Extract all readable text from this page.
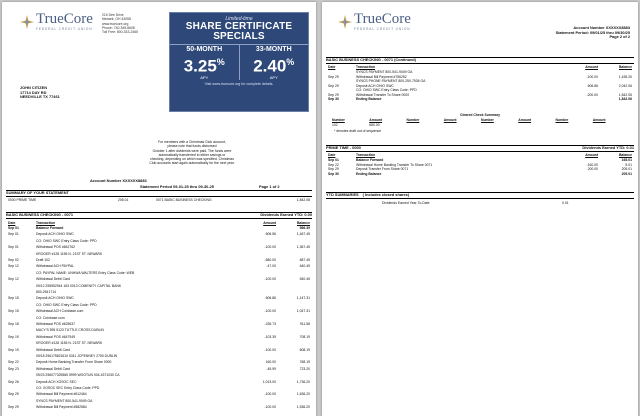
TrueCore
FEDERAL CREDIT UNION
215 Dee Drive
Newark, OH 43058
www.truecore.org
Phone: 740-345-6608
Toll Free: 800-333-2465
Limited-time
SHARE CERTIFICATE
SPECIALS
50-MONTH
3.25%
APY
33-MONTH
2.40%
APY
Visit www.truecore.org for complete details.
JOHN CITIZEN
17714 DAY RD
NEEDVILLE TX 77461
For members with a Christmas Club account,
please note that funds disbursed
October 1 after dividends were paid. The funds were
automatically transferred to either savings or
checking, depending on which was specified. Christmas
Club accounts start again automatically for the next year.
Account Number XXXXXX8883
Statement Period 09-01-25 thru 09-30-25	Page 1 of 2
SUMMARY OF YOUR STATEMENT
0000 PRIME TIME	205.01	0071 BASIC BUSINESS CHECKING	1,842.08
BASIC BUSINESS CHECKING - 0071	Dividends Earned YTD: 0.00
Date	Transaction	Amount	Balance
Sep 01	Balance Forward	566.39
Sep 01	Deposit ACH OHIO SWC	606.56	1,467.45
CO: OHIO SWC Entry Class Code: PPD
Sep 01	Withdrawal POS #842762	-100.00	1,367.45
KROGER #128 1155 N. 21ST ST. NEWARK
Sep 02	Draft 102	-680.00	687.45
Sep 12	Withdrawal ACH PAYPAL	-47.00	640.45
CO: PAYPAL NAME: UNHWA WALTERS Entry Class Code: WEB
Sep 12	Withdrawal Debit Card	-100.00	540.45
09/12 255552944 163 0013 COMENITY CAPITAL BANK
800-2541714
Sep 15	Deposit ACH OHIO SWC	606.86	1,147.31
CO: OHIO SWC Entry Class Code: PPD
Sep 15	Withdrawal ACH Coinbase.com	-100.00	1,047.31
CO: Coinbase.com
Sep 18	Withdrawal POS #625637	-235.73	911.58
MACY'S 595 5123 TUTTLE CROSS DUBLIN
Sep 19	Withdrawal POS #647949	-103.39	708.19
KROGER #128 1155 N. 21ST ST. NEWARK
Sep 19	Withdrawal Debit Card	-100.00	608.19
09/18 256175821610 5311 JCPENNEY 2750 DUBLIN
Sep 22	Deposit Home Banking Transfer From Share 0000	160.00	768.19
Sep 23	Withdrawal Debit Card	-45.99	723.20
09/23 256077325565 5999 WOOTUN 004-4371030 CA
Sep 26	Deposit ACH XOSOC SEC	1,013.00	1,736.20
CO: XOSOC SEC Entry Class Code: PPD
Sep 29	Withdrawal Bill Payment #612464	-100.00	1,636.20
SYNCS PAYMENT 800-541-9049 GA
Sep 29	Withdrawal Bill Payment #582584	-100.00	1,536.20
TrueCore
FEDERAL CREDIT UNION	Account Number XXXXXX8883
Statement Period: 09/01/25 thru 09/30/25
Page 2 of 2
BASIC BUSINESS CHECKING - 0071 (Continued)
Date	Transaction	Amount	Balance
SYNCS PAYMENT 800-541-9049 GA
Sep 29	Withdrawal Bill Payment #756252	-100.00	1,435.20
SYNCS PHONE PAYMENT 800-250-7536 GA
Sep 29	Deposit ACH OHIO SWC	606.86	2,042.06
CO: OHIO SWC Entry Class Code: PPD
Sep 29	Withdrawal Transfer To Share 0000	-200.00	1,842.06
Sep 30	Ending Balance	1,842.06
Cleared Check Summary
Number	Amount	Number	Amount	Number	Amount	Number	Amount
102	680.00
* denotes draft out of sequence
PRIME TIME - 0000	Dividends Earned YTD: 0.01
Date	Transaction	Amount	Balance
Sep 01	Balance Forward	165.01
Sep 22	Withdrawal Home Banking Transfer To Share 0071	-160.00	5.01
Sep 29	Deposit Transfer From Share 0071	200.00	205.01
Sep 30	Ending Balance	205.01
YTD SUMMARIES ( Includes closed shares)
Dividends Earned Year-To-Date	0.01
